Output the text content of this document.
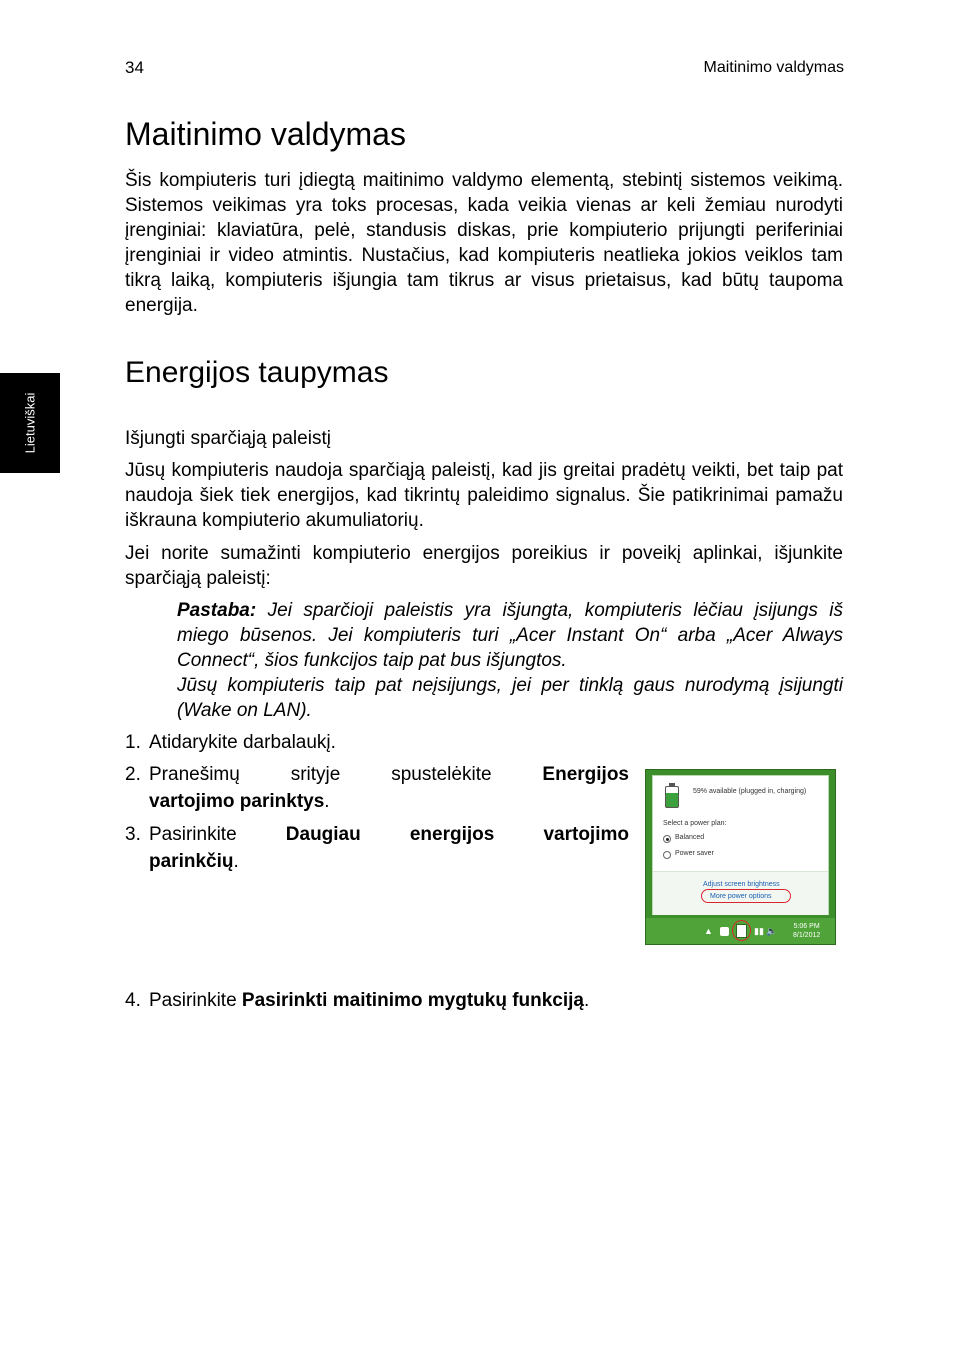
34	Maitinimo valdymas
Lietuviškai
Maitinimo valdymas

Šis kompiuteris turi įdiegtą maitinimo valdymo elementą, stebintį sistemos veikimą. Sistemos veikimas yra toks procesas, kada veikia vienas ar keli žemiau nurodyti įrenginiai: klaviatūra, pelė, standusis diskas, prie kompiuterio prijungti periferiniai įrenginiai ir video atmintis. Nustačius, kad kompiuteris neatlieka jokios veiklos tam tikrą laiką, kompiuteris išjungia tam tikrus ar visus prietaisus, kad būtų taupoma energija.

Energijos taupymas
Išjungti sparčiąją paleistį

Jūsų kompiuteris naudoja sparčiąją paleistį, kad jis greitai pradėtų veikti, bet taip pat naudoja šiek tiek energijos, kad tikrintų paleidimo signalus. Šie patikrinimai pamažu iškrauna kompiuterio akumuliatorių.

Jei norite sumažinti kompiuterio energijos poreikius ir poveikį aplinkai, išjunkite sparčiąją paleistį:

Pastaba: Jei sparčioji paleistis yra išjungta, kompiuteris lėčiau įsijungs iš miego būsenos. Jei kompiuteris turi „Acer Instant On“ arba „Acer Always Connect“, šios funkcijos taip pat bus išjungtos.

Jūsų kompiuteris taip pat neįsijungs, jei per tinklą gaus nurodymą įsijungti (Wake on LAN).

1. Atidarykite darbalaukį.
2. Pranešimų	srityje	spustelėkite	Energijos
vartojimo parinktys.
3. Pasirinkite	Daugiau	energijos	vartojimo
parinkčių.
59% available (plugged in, charging)
Select a power plan:
Balanced
Power saver
Adjust screen brightness
More power options
▲	▮▮ 🔈 5:06 PM
8/1/2012
4. Pasirinkite Pasirinkti maitinimo mygtukų funkciją.
